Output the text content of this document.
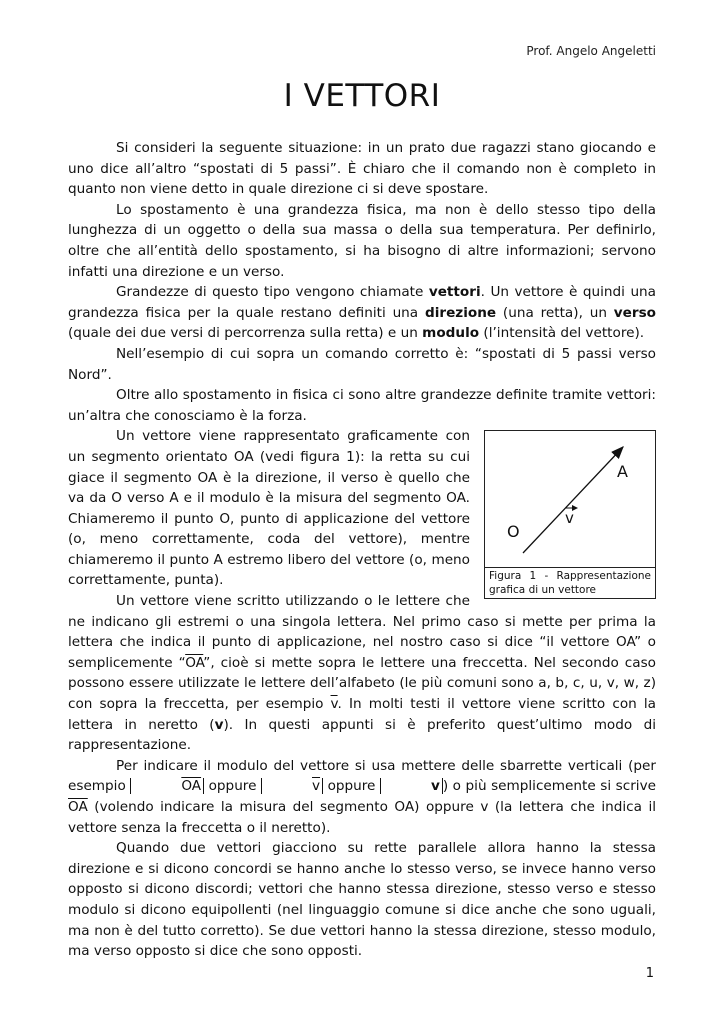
Prof. Angelo Angeletti
I VETTORI

Si consideri la seguente situazione: in un prato due ragazzi stano giocando e uno dice all’altro “spostati di 5 passi”. È chiaro che il comando non è completo in quanto non viene detto in quale direzione ci si deve spostare.

Lo spostamento è una grandezza fisica, ma non è dello stesso tipo della lunghezza di un oggetto o della sua massa o della sua temperatura. Per definirlo, oltre che all’entità dello spostamento, si ha bisogno di altre informazioni; servono infatti una direzione e un verso.

Grandezze di questo tipo vengono chiamate vettori. Un vettore è quindi una grandezza fisica per la quale restano definiti una direzione (una retta), un verso (quale dei due versi di percorrenza sulla retta) e un modulo (l’intensità del vettore).

Nell’esempio di cui sopra un comando corretto è: “spostati di 5 passi verso Nord”.

Oltre allo spostamento in fisica ci sono altre grandezze definite tramite vettori: un’altra che conosciamo è la forza.

O
A
v
Figura 1 - Rappresentazione grafica di un vettore

Un vettore viene rappresentato graficamente con un segmento orientato OA (vedi figura 1): la retta su cui giace il segmento OA è la direzione, il verso è quello che va da O verso A e il modulo è la misura del segmento OA. Chiameremo il punto O, punto di applicazione del vettore (o, meno correttamente, coda del vettore), mentre chiameremo il punto A estremo libero del vettore (o, meno correttamente, punta).

Un vettore viene scritto utilizzando o le lettere che ne indicano gli estremi o una singola lettera. Nel primo caso si mette per prima la lettera che indica il punto di applicazione, nel nostro caso si dice “il vettore OA” o semplicemente “$\overline{OA}$”, cioè si mette sopra le lettere una freccetta. Nel secondo caso possono essere utilizzate le lettere dell’alfabeto (le più comuni sono a, b, c, u, v, w, z) con sopra la freccetta, per esempio $\overline{v}$. In molti testi il vettore viene scritto con la lettera in neretto (v). In questi appunti si è preferito quest’ultimo modo di rappresentazione.

Per indicare il modulo del vettore si usa mettere delle sbarrette verticali (per esempio	$\overline{OA}$ oppure	$\overline{v}$ oppure	v ) o più semplicemente si scrive $\overline{OA}$ (volendo indicare la misura del segmento OA) oppure v (la lettera che indica il vettore senza la freccetta o il neretto).

Quando due vettori giacciono su rette parallele allora hanno la stessa direzione e si dicono concordi se hanno anche lo stesso verso, se invece hanno verso opposto si dicono discordi; vettori che hanno stessa direzione, stesso verso e stesso modulo si dicono equipollenti (nel linguaggio comune si dice anche che sono uguali, ma non è del tutto corretto). Se due vettori hanno la stessa direzione, stesso modulo, ma verso opposto si dice che sono opposti.

1
